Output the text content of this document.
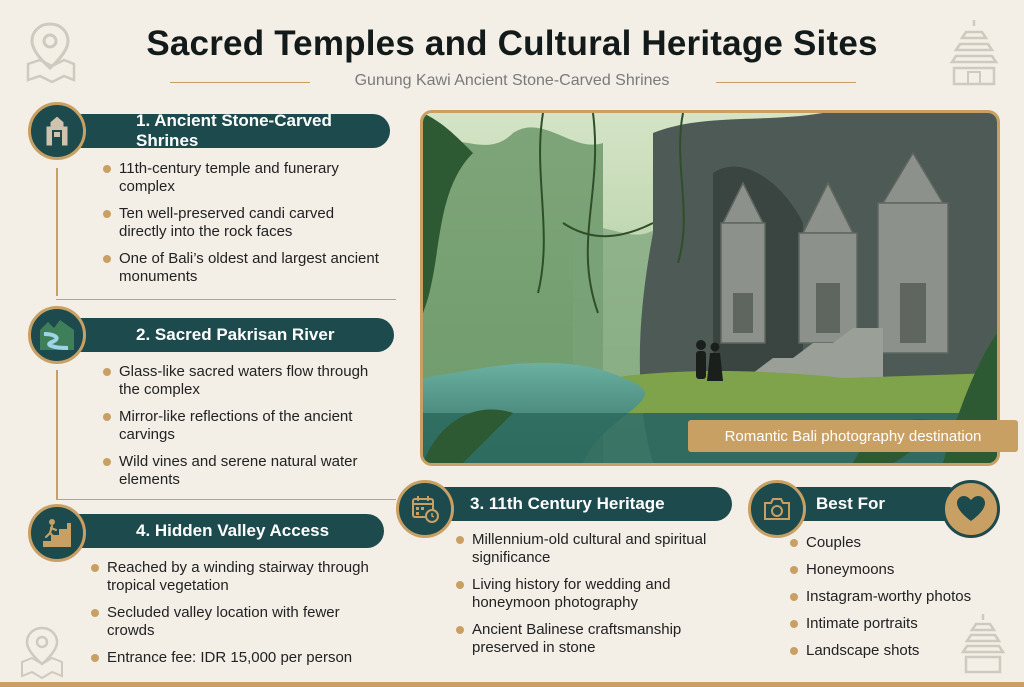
Sacred Temples and Cultural Heritage Sites
Gunung Kawi Ancient Stone-Carved Shrines
1. Ancient Stone-Carved Shrines
11th-century temple and funerary complex
Ten well-preserved candi carved directly into the rock faces
One of Bali’s oldest and largest ancient monuments
2. Sacred Pakrisan River
Glass-like sacred waters flow through the complex
Mirror-like reflections of the ancient carvings
Wild vines and serene natural water elements
4. Hidden Valley Access
Reached by a winding stairway through tropical vegetation
Secluded valley location with fewer crowds
Entrance fee: IDR 15,000 per person
Romantic Bali photography destination
3. 11th Century Heritage
Millennium-old cultural and spiritual significance
Living history for wedding and honeymoon photography
Ancient Balinese craftsmanship preserved in stone
Best For
Couples
Honeymoons
Instagram-worthy photos
Intimate portraits
Landscape shots
